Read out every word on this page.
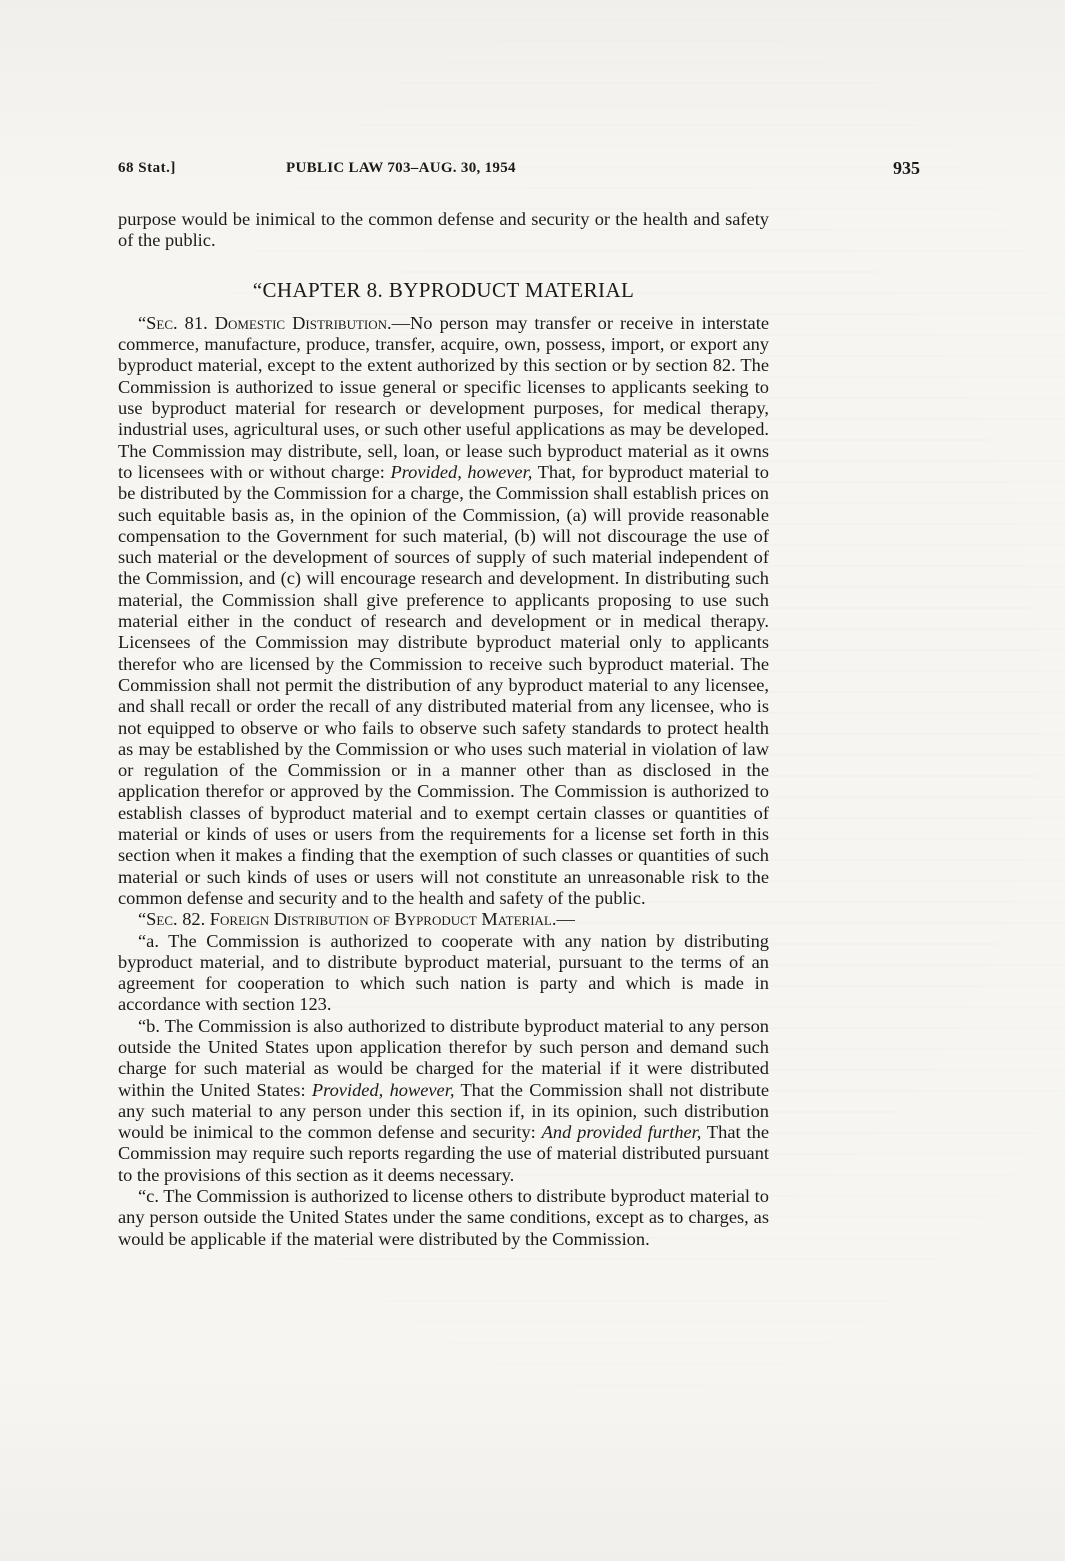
68 Stat.]	PUBLIC LAW 703–AUG. 30, 1954	935

purpose would be inimical to the common defense and security or the health and safety of the public.

“CHAPTER 8. BYPRODUCT MATERIAL

“Sec. 81. Domestic Distribution.—No person may transfer or receive in interstate commerce, manufacture, produce, transfer, acquire, own, possess, import, or export any byproduct material, except to the extent authorized by this section or by section 82. The Commission is authorized to issue general or specific licenses to applicants seeking to use byproduct material for research or development purposes, for medical therapy, industrial uses, agricultural uses, or such other useful applications as may be developed. The Commission may distribute, sell, loan, or lease such byproduct material as it owns to licensees with or without charge: Provided, however, That, for byproduct material to be distributed by the Commission for a charge, the Commission shall establish prices on such equitable basis as, in the opinion of the Commission, (a) will provide reasonable compensation to the Government for such material, (b) will not discourage the use of such material or the development of sources of supply of such material independent of the Commission, and (c) will encourage research and development. In distributing such material, the Commission shall give preference to applicants proposing to use such material either in the conduct of research and development or in medical therapy. Licensees of the Commission may distribute byproduct material only to applicants therefor who are licensed by the Commission to receive such byproduct material. The Commission shall not permit the distribution of any byproduct material to any licensee, and shall recall or order the recall of any distributed material from any licensee, who is not equipped to observe or who fails to observe such safety standards to protect health as may be established by the Commission or who uses such material in violation of law or regulation of the Commission or in a manner other than as disclosed in the application therefor or approved by the Commission. The Commission is authorized to establish classes of byproduct material and to exempt certain classes or quantities of material or kinds of uses or users from the requirements for a license set forth in this section when it makes a finding that the exemption of such classes or quantities of such material or such kinds of uses or users will not constitute an unreasonable risk to the common defense and security and to the health and safety of the public.

“Sec. 82. Foreign Distribution of Byproduct Material.—

“a. The Commission is authorized to cooperate with any nation by distributing byproduct material, and to distribute byproduct material, pursuant to the terms of an agreement for cooperation to which such nation is party and which is made in accordance with section 123.

“b. The Commission is also authorized to distribute byproduct material to any person outside the United States upon application therefor by such person and demand such charge for such material as would be charged for the material if it were distributed within the United States: Provided, however, That the Commission shall not distribute any such material to any person under this section if, in its opinion, such distribution would be inimical to the common defense and security: And provided further, That the Commission may require such reports regarding the use of material distributed pursuant to the provisions of this section as it deems necessary.

“c. The Commission is authorized to license others to distribute byproduct material to any person outside the United States under the same conditions, except as to charges, as would be applicable if the material were distributed by the Commission.
